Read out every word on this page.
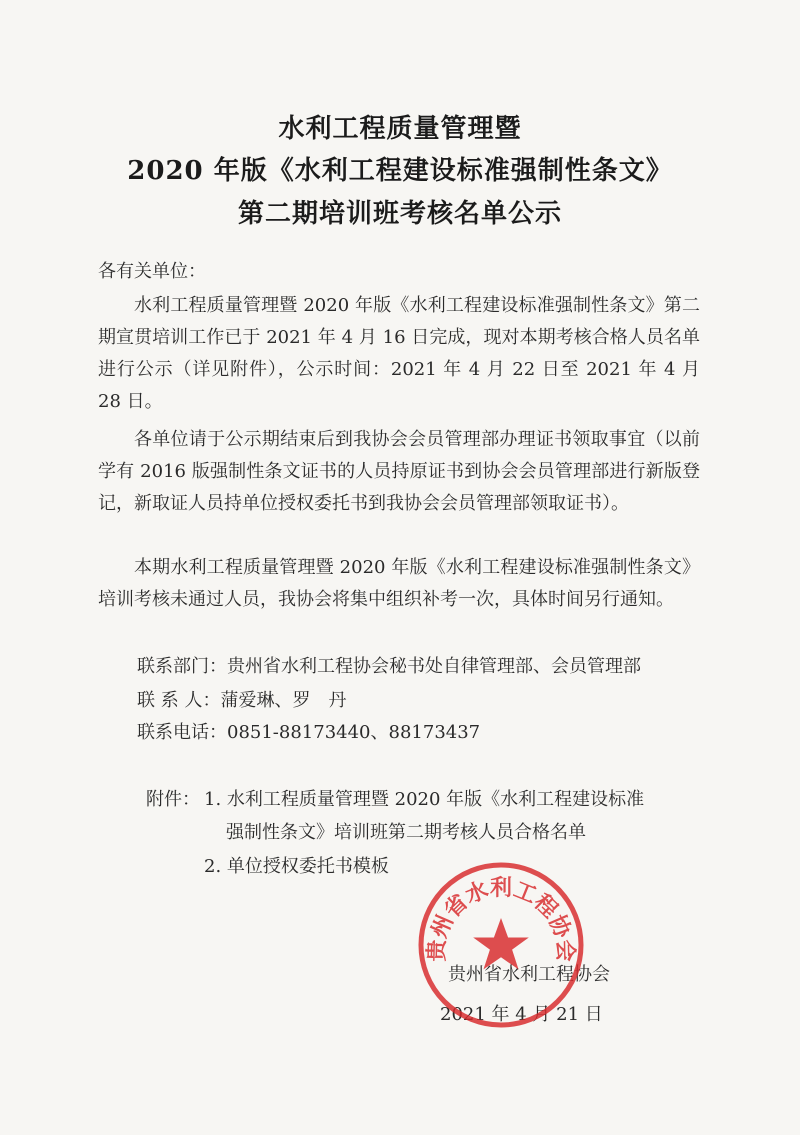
水利工程质量管理暨
2020 年版《水利工程建设标准强制性条文》
第二期培训班考核名单公示
各有关单位：
水利工程质量管理暨 2020 年版《水利工程建设标准强制性条文》第二期宣贯培训工作已于 2021 年 4 月 16 日完成，现对本期考核合格人员名单进行公示（详见附件），公示时间：2021 年 4 月 22 日至 2021 年 4 月 28 日。
各单位请于公示期结束后到我协会会员管理部办理证书领取事宜（以前学有 2016 版强制性条文证书的人员持原证书到协会会员管理部进行新版登记，新取证人员持单位授权委托书到我协会会员管理部领取证书）。
本期水利工程质量管理暨 2020 年版《水利工程建设标准强制性条文》培训考核未通过人员，我协会将集中组织补考一次，具体时间另行通知。
联系部门：贵州省水利工程协会秘书处自律管理部、会员管理部
联 系 人：蒲爱琳、罗　丹
联系电话：0851-88173440、88173437
附件： 1. 水利工程质量管理暨 2020 年版《水利工程建设标准
强制性条文》培训班第二期考核人员合格名单
2. 单位授权委托书模板
贵州省水利工程协会
2021 年 4 月 21 日
贵州省水利工程协会
